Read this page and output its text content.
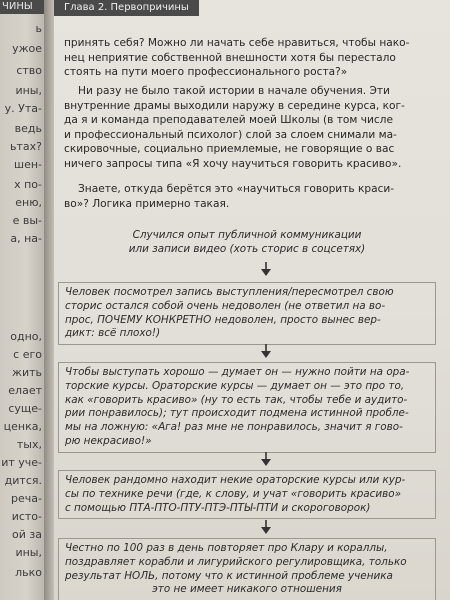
ЧИНЫ
ь
ужое
ство
ины,
у. Ута-
ведь
ьтах?
шен-
х по-
еню,
е вы-
а, на-
одно,
с его
жить
елает
суще-
ценка,
тых,
ит уче-
дится.
реча-
исто-
ой за
ины,
лько
Глава 2. Первопричины
принять себя? Можно ли начать себе нравиться, чтобы нако-
нец неприятие собственной внешности хотя бы перестало
стоять на пути моего профессионального роста?»
Ни разу не было такой истории в начале обучения. Эти
внутренние драмы выходили наружу в середине курса, ког-
да я и команда преподавателей моей Школы (в том числе
и профессиональный психолог) слой за слоем снимали ма-
скировочные, социально приемлемые, не говорящие о вас
ничего запросы типа «Я хочу научиться говорить красиво».
Знаете, откуда берётся это «научиться говорить краси-
во»? Логика примерно такая.
Случился опыт публичной коммуникации
или записи видео (хоть сторис в соцсетях)
Человек посмотрел запись выступления/пересмотрел свою
сторис остался собой очень недоволен (не ответил на во-
прос, ПОЧЕМУ КОНКРЕТНО недоволен, просто вынес вер-
дикт: всё плохо!)
Чтобы выступать хорошо — думает он — нужно пойти на ора-
торские курсы. Ораторские курсы — думает он — это про то,
как «говорить красиво» (ну то есть так, чтобы тебе и аудито-
рии понравилось); тут происходит подмена истинной пробле-
мы на ложную: «Ага! раз мне не понравилось, значит я гово-
рю некрасиво!»
Человек рандомно находит некие ораторские курсы или кур-
сы по технике речи (где, к слову, и учат «говорить красиво»
с помощью ПТА-ПТО-ПТУ-ПТЭ-ПТЫ-ПТИ и скороговорок)
Честно по 100 раз в день повторяет про Клару и кораллы,
поздравляет корабли и лигурийского регулировщика, только
результат НОЛЬ, потому что к истинной проблеме ученика
это не имеет никакого отношения
